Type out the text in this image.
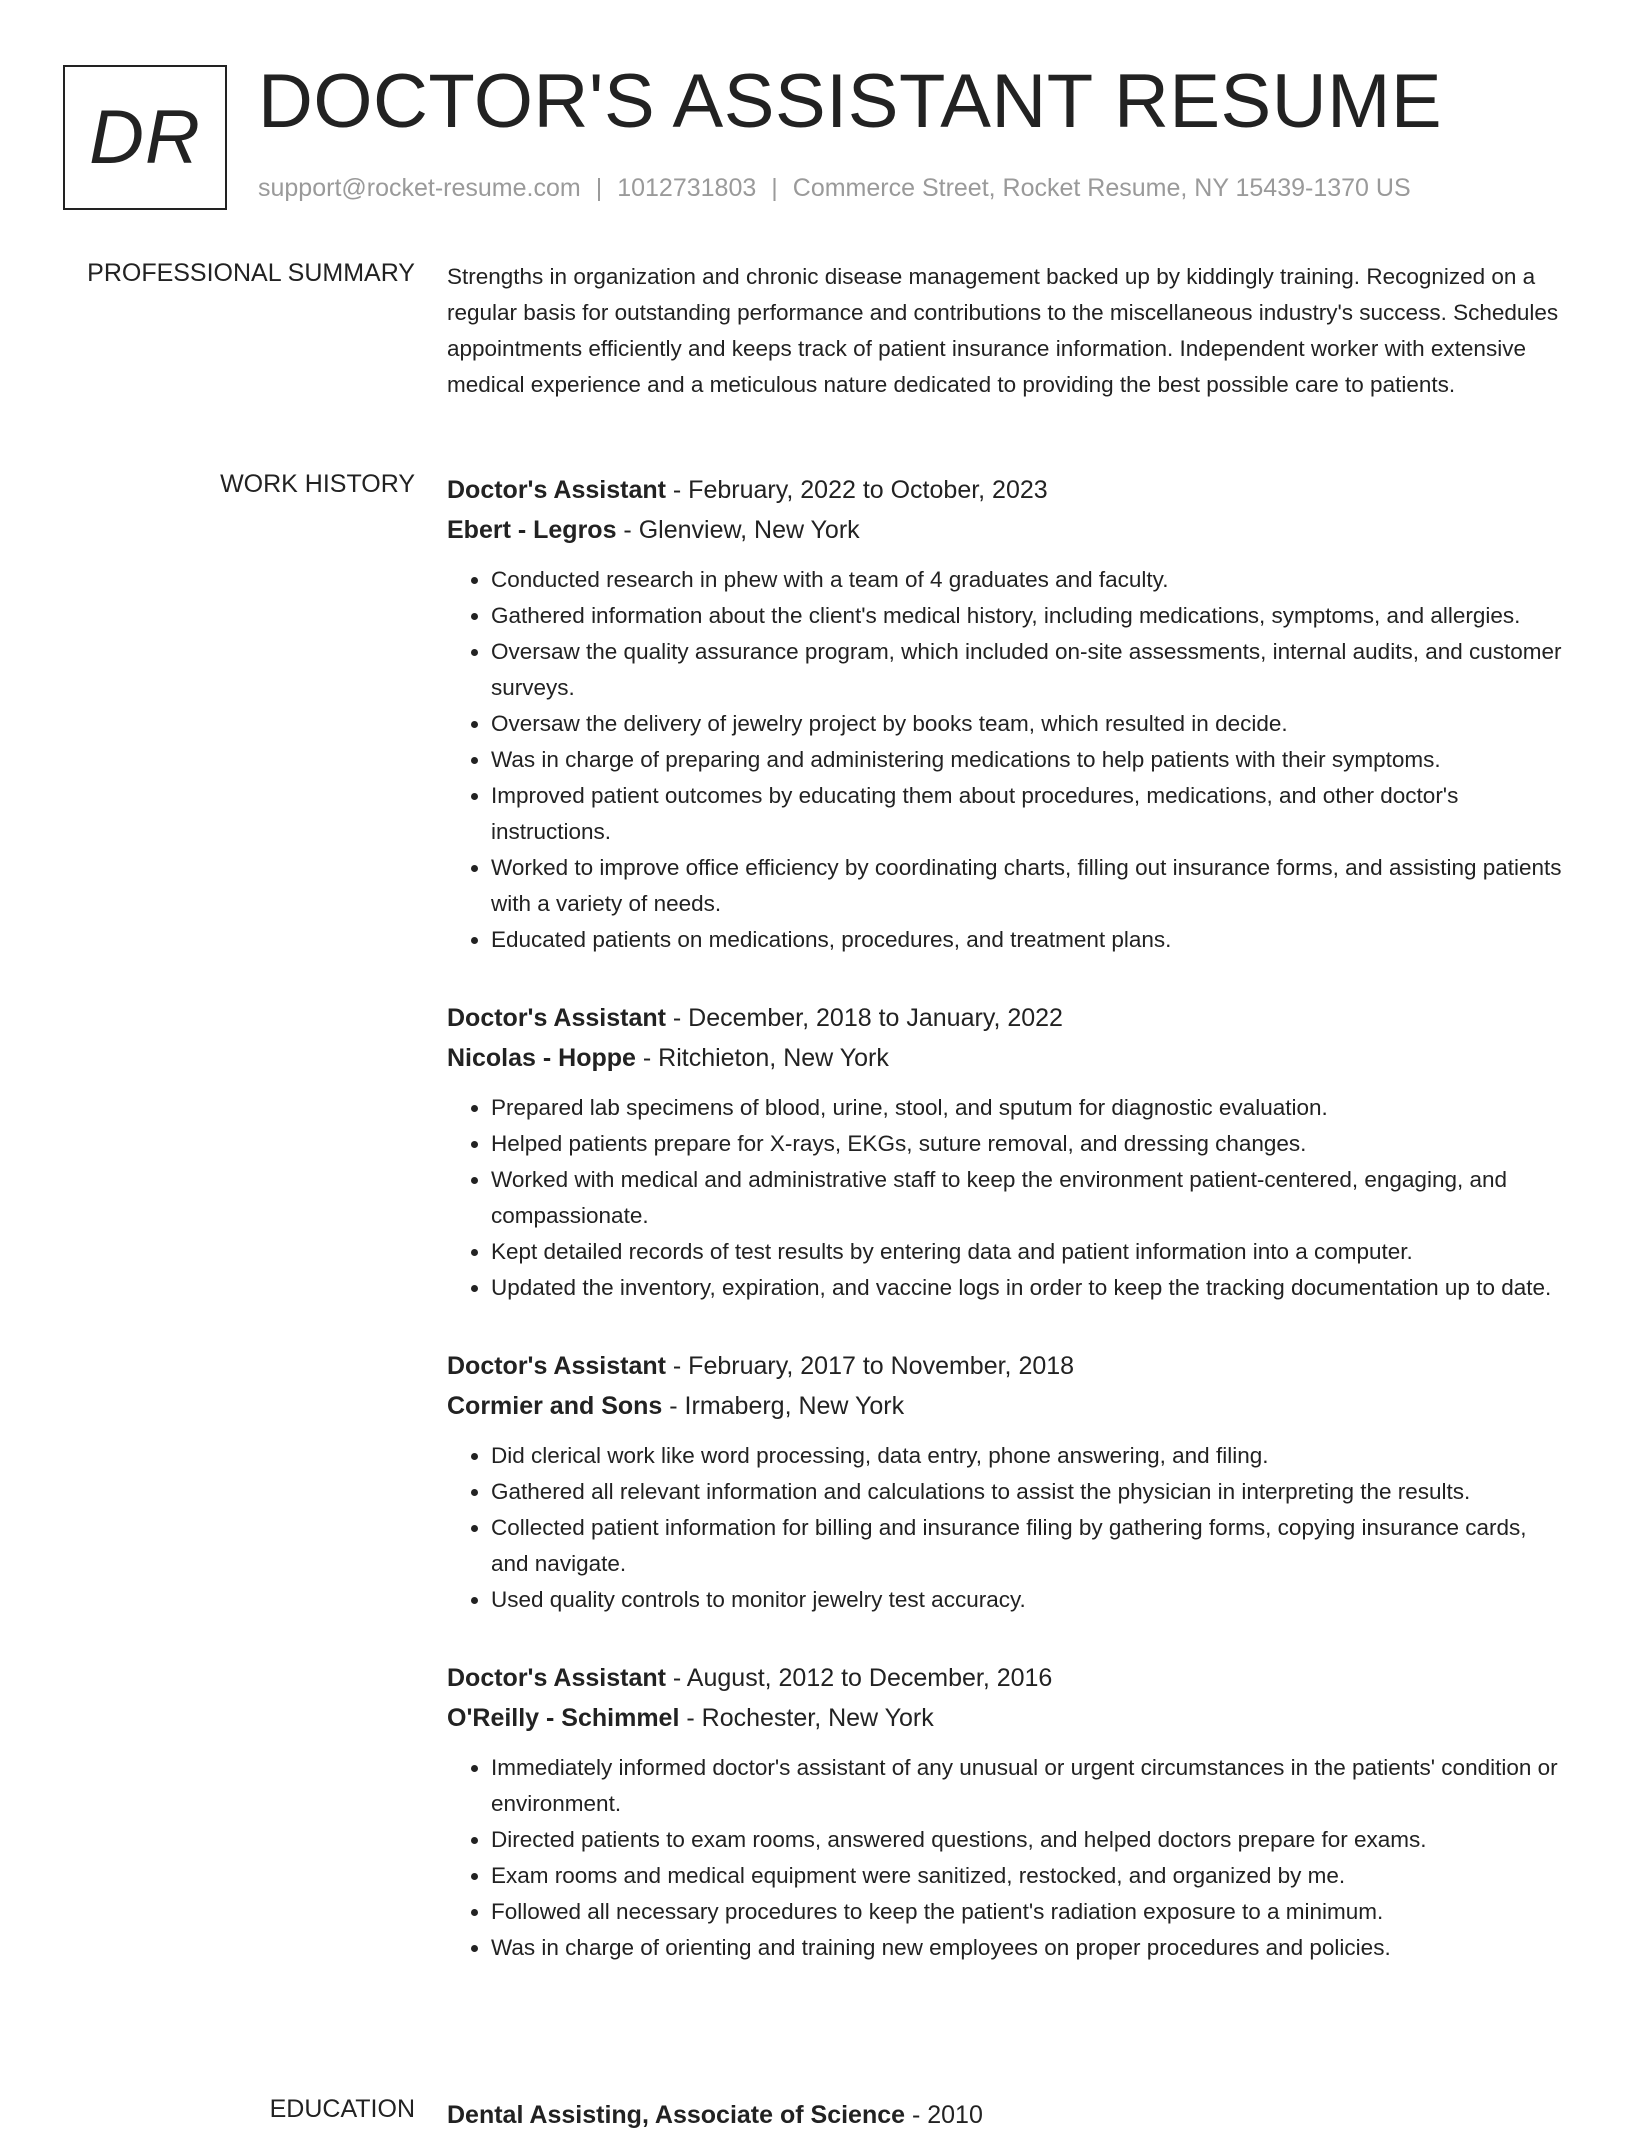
DR DOCTOR'S ASSISTANT RESUME
support@rocket-resume.com | 1012731803 | Commerce Street, Rocket Resume, NY 15439-1370 US
PROFESSIONAL SUMMARY Strengths in organization and chronic disease management backed up by kiddingly training. Recognized on a regular basis for outstanding performance and contributions to the miscellaneous industry's success. Schedules appointments efficiently and keeps track of patient insurance information. Independent worker with extensive medical experience and a meticulous nature dedicated to providing the best possible care to patients.

WORK HISTORY Doctor's Assistant - February, 2022 to October, 2023
Ebert - Legros - Glenview, New York
• Conducted research in phew with a team of 4 graduates and faculty.
• Gathered information about the client's medical history, including medications, symptoms, and allergies.
• Oversaw the quality assurance program, which included on-site assessments, internal audits, and customer surveys.
• Oversaw the delivery of jewelry project by books team, which resulted in decide.
• Was in charge of preparing and administering medications to help patients with their symptoms.
• Improved patient outcomes by educating them about procedures, medications, and other doctor's instructions.
• Worked to improve office efficiency by coordinating charts, filling out insurance forms, and assisting patients with a variety of needs.
• Educated patients on medications, procedures, and treatment plans.
Doctor's Assistant - December, 2018 to January, 2022
Nicolas - Hoppe - Ritchieton, New York
• Prepared lab specimens of blood, urine, stool, and sputum for diagnostic evaluation.
• Helped patients prepare for X-rays, EKGs, suture removal, and dressing changes.
• Worked with medical and administrative staff to keep the environment patient-centered, engaging, and compassionate.
• Kept detailed records of test results by entering data and patient information into a computer.
• Updated the inventory, expiration, and vaccine logs in order to keep the tracking documentation up to date.
Doctor's Assistant - February, 2017 to November, 2018
Cormier and Sons - Irmaberg, New York
• Did clerical work like word processing, data entry, phone answering, and filing.
• Gathered all relevant information and calculations to assist the physician in interpreting the results.
• Collected patient information for billing and insurance filing by gathering forms, copying insurance cards, and navigate.
• Used quality controls to monitor jewelry test accuracy.
Doctor's Assistant - August, 2012 to December, 2016
O'Reilly - Schimmel - Rochester, New York
• Immediately informed doctor's assistant of any unusual or urgent circumstances in the patients' condition or environment.
• Directed patients to exam rooms, answered questions, and helped doctors prepare for exams.
• Exam rooms and medical equipment were sanitized, restocked, and organized by me.
• Followed all necessary procedures to keep the patient's radiation exposure to a minimum.
• Was in charge of orienting and training new employees on proper procedures and policies.
EDUCATION Dental Assisting, Associate of Science - 2010
